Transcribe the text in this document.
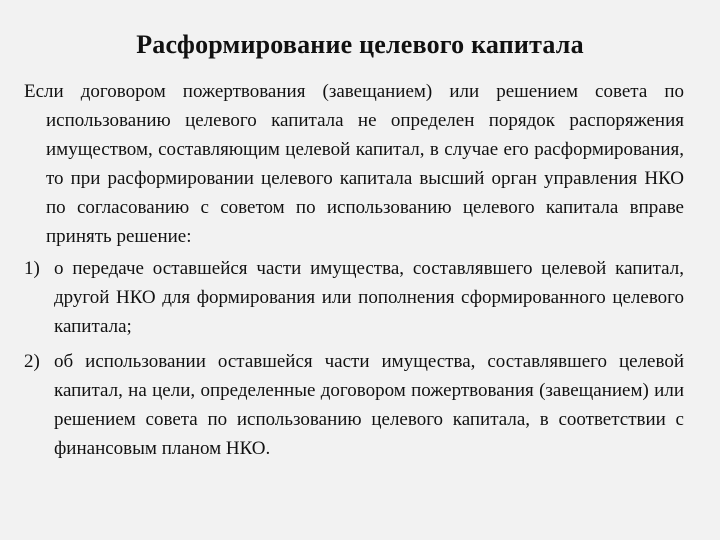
Расформирование целевого капитала

Если договором пожертвования (завещанием) или решением совета по использованию целевого капитала не определен порядок распоряжения имуществом, составляющим целевой капитал, в случае его расформирования, то при расформировании целевого капитала высший орган управления НКО по согласованию с советом по использованию целевого капитала вправе принять решение:

1) о передаче оставшейся части имущества, составлявшего целевой капитал, другой НКО для формирования или пополнения сформированного целевого капитала;
2) об использовании оставшейся части имущества, составлявшего целевой капитал, на цели, определенные договором пожертвования (завещанием) или решением совета по использованию целевого капитала, в соответствии с финансовым планом НКО.
